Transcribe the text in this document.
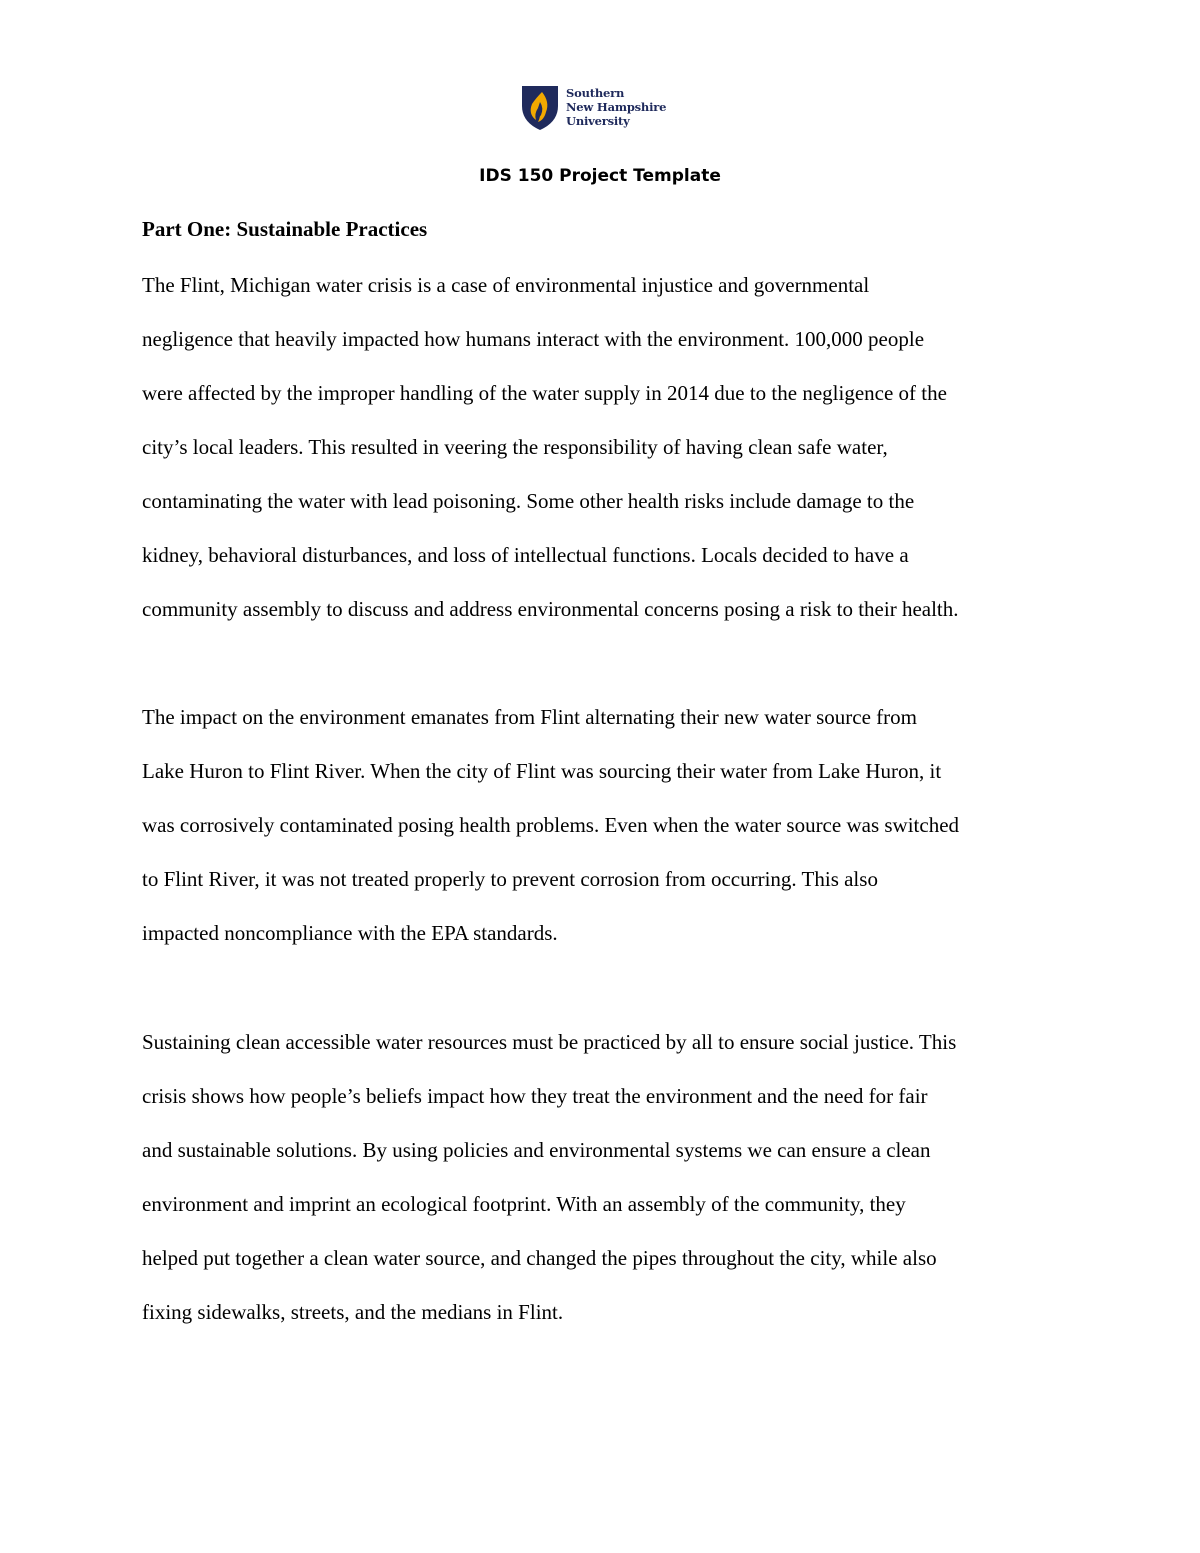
Southern
New Hampshire
University
IDS 150 Project Template
Part One: Sustainable Practices
The Flint, Michigan water crisis is a case of environmental injustice and governmental
negligence that heavily impacted how humans interact with the environment. 100,000 people
were affected by the improper handling of the water supply in 2014 due to the negligence of the
city’s local leaders. This resulted in veering the responsibility of having clean safe water,
contaminating the water with lead poisoning. Some other health risks include damage to the
kidney, behavioral disturbances, and loss of intellectual functions. Locals decided to have a
community assembly to discuss and address environmental concerns posing a risk to their health.
The impact on the environment emanates from Flint alternating their new water source from
Lake Huron to Flint River. When the city of Flint was sourcing their water from Lake Huron, it
was corrosively contaminated posing health problems. Even when the water source was switched
to Flint River, it was not treated properly to prevent corrosion from occurring. This also
impacted noncompliance with the EPA standards.
Sustaining clean accessible water resources must be practiced by all to ensure social justice. This
crisis shows how people’s beliefs impact how they treat the environment and the need for fair
and sustainable solutions. By using policies and environmental systems we can ensure a clean
environment and imprint an ecological footprint. With an assembly of the community, they
helped put together a clean water source, and changed the pipes throughout the city, while also
fixing sidewalks, streets, and the medians in Flint.
